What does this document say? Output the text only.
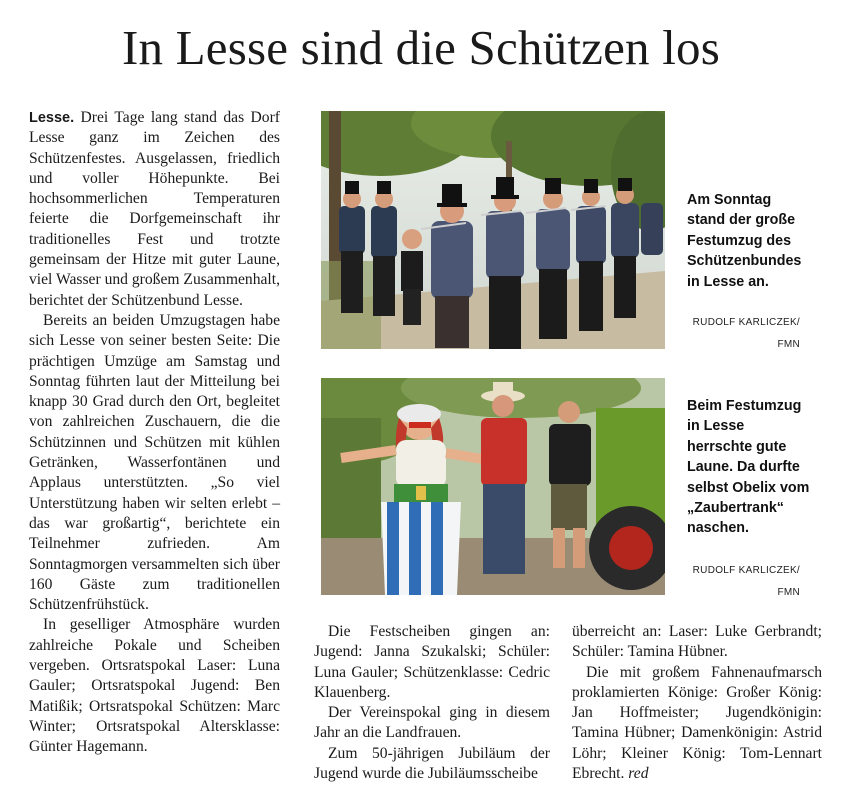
In Lesse sind die Schützen los

Lesse. Drei Tage lang stand das Dorf Lesse ganz im Zeichen des Schützenfestes. Ausgelassen, friedlich und voller Höhepunkte. Bei hochsommerlichen Temperaturen feierte die Dorfgemeinschaft ihr traditionelles Fest und trotzte gemeinsam der Hitze mit guter Laune, viel Wasser und großem Zusammenhalt, berichtet der Schützenbund Lesse.

Bereits an beiden Umzugstagen habe sich Lesse von seiner besten Seite: Die prächtigen Umzüge am Samstag und Sonntag führten laut der Mitteilung bei knapp 30 Grad durch den Ort, begleitet von zahlreichen Zuschauern, die die Schützinnen und Schützen mit kühlen Getränken, Wasserfontänen und Applaus unterstützten. „So viel Unterstützung haben wir selten erlebt – das war großartig“, berichtete ein Teilnehmer zufrieden. Am Sonntagmorgen versammelten sich über 160 Gäste zum traditionellen Schützenfrühstück.

In geselliger Atmosphäre wurden zahlreiche Pokale und Scheiben vergeben. Ortsratspokal Laser: Luna Gauler; Ortsratspokal Jugend: Ben Matißik; Ortsratspokal Schützen: Marc Winter; Ortsratspokal Altersklasse: Günter Hagemann.

Am Sonntag stand der große Festumzug des Schützenbundes in Lesse an.
RUDOLF KARLICZEK/
FMN
Beim Festumzug in Lesse herrschte gute Laune. Da durfte selbst Obelix vom „Zaubertrank“ naschen.
RUDOLF KARLICZEK/
FMN

Die Festscheiben gingen an: Jugend: Janna Szukalski; Schüler: Luna Gauler; Schützenklasse: Cedric Klauenberg.

Der Vereinspokal ging in diesem Jahr an die Landfrauen.

Zum 50-jährigen Jubiläum der Jugend wurde die Jubiläumsscheibe

überreicht an: Laser: Luke Gerbrandt; Schüler: Tamina Hübner.

Die mit großem Fahnenaufmarsch proklamierten Könige: Großer König: Jan Hoffmeister; Jugendkönigin: Tamina Hübner; Damenkönigin: Astrid Löhr; Kleiner König: Tom-Lennart Ebrecht. red
